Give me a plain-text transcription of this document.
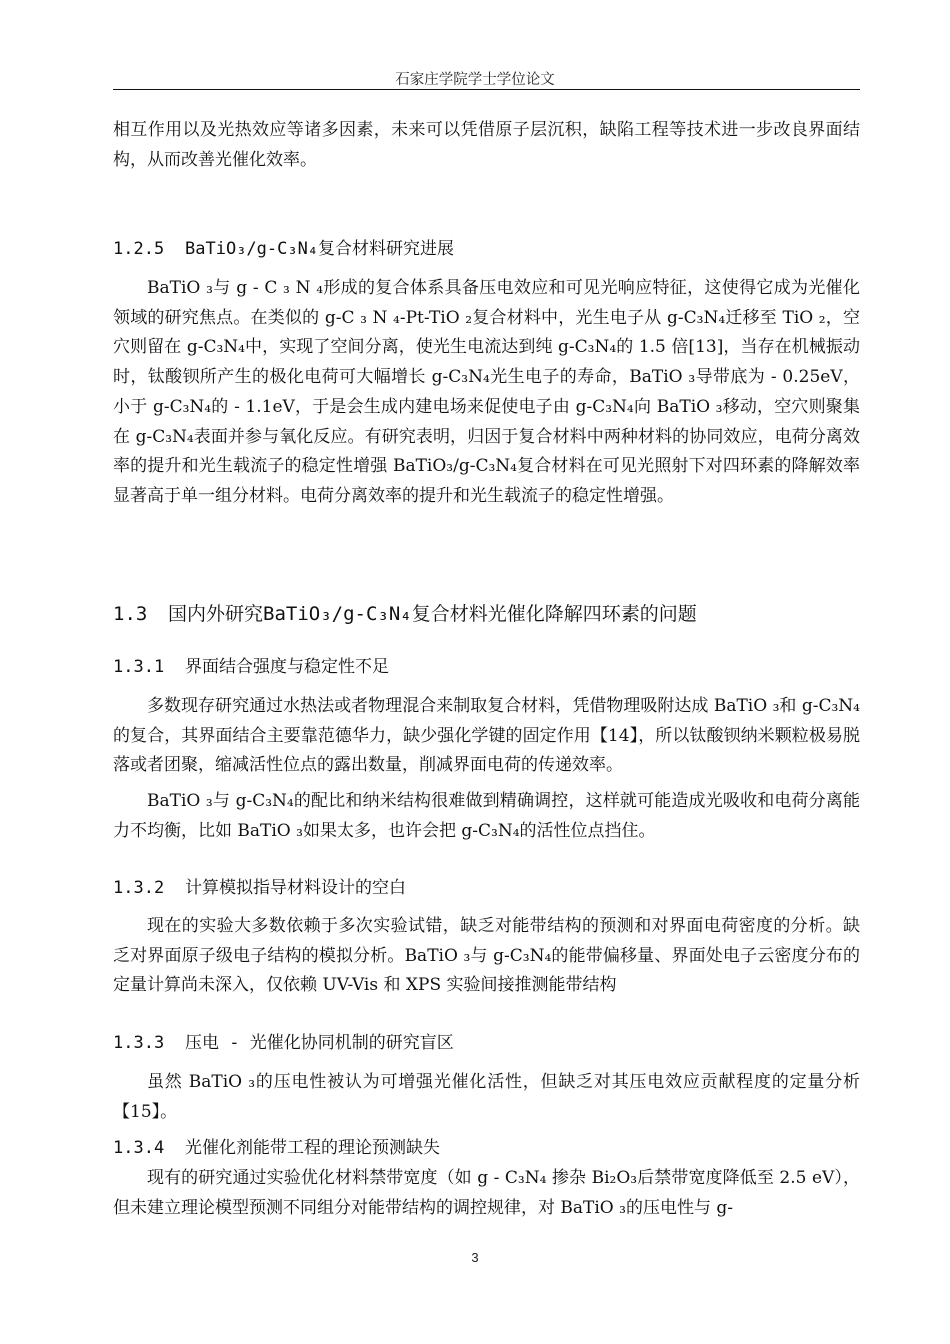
石家庄学院学士学位论文

相互作用以及光热效应等诸多因素，未来可以凭借原子层沉积，缺陷工程等技术进一步改良界面结构，从而改善光催化效率。

1.2.5 BaTiO₃/g-C₃N₄复合材料研究进展

BaTiO ₃与 g - C ₃ N ₄形成的复合体系具备压电效应和可见光响应特征，这使得它成为光催化领域的研究焦点。在类似的 g-C ₃ N ₄-Pt-TiO ₂复合材料中，光生电子从 g-C₃N₄迁移至 TiO ₂，空穴则留在 g-C₃N₄中，实现了空间分离，使光生电流达到纯 g-C₃N₄的 1.5 倍[13]，当存在机械振动时，钛酸钡所产生的极化电荷可大幅增长 g-C₃N₄光生电子的寿命，BaTiO ₃导带底为 - 0.25eV，小于 g-C₃N₄的 - 1.1eV，于是会生成内建电场来促使电子由 g-C₃N₄向 BaTiO ₃移动，空穴则聚集在 g-C₃N₄表面并参与氧化反应。有研究表明，归因于复合材料中两种材料的协同效应，电荷分离效率的提升和光生载流子的稳定性增强 BaTiO₃/g-C₃N₄复合材料在可见光照射下对四环素的降解效率显著高于单一组分材料。电荷分离效率的提升和光生载流子的稳定性增强。

1.3 国内外研究BaTiO₃/g-C₃N₄复合材料光催化降解四环素的问题

1.3.1 界面结合强度与稳定性不足

多数现存研究通过水热法或者物理混合来制取复合材料，凭借物理吸附达成 BaTiO ₃和 g-C₃N₄的复合，其界面结合主要靠范德华力，缺少强化学键的固定作用【14】，所以钛酸钡纳米颗粒极易脱落或者团聚，缩减活性位点的露出数量，削减界面电荷的传递效率。

BaTiO ₃与 g-C₃N₄的配比和纳米结构很难做到精确调控，这样就可能造成光吸收和电荷分离能力不均衡，比如 BaTiO ₃如果太多，也许会把 g-C₃N₄的活性位点挡住。

1.3.2 计算模拟指导材料设计的空白

现在的实验大多数依赖于多次实验试错，缺乏对能带结构的预测和对界面电荷密度的分析。缺乏对界面原子级电子结构的模拟分析。BaTiO ₃与 g-C₃N₄的能带偏移量、界面处电子云密度分布的定量计算尚未深入，仅依赖 UV-Vis 和 XPS 实验间接推测能带结构

1.3.3 压电 - 光催化协同机制的研究盲区

虽然 BaTiO ₃的压电性被认为可增强光催化活性，但缺乏对其压电效应贡献程度的定量分析【15】。

1.3.4 光催化剂能带工程的理论预测缺失

现有的研究通过实验优化材料禁带宽度（如 g - C₃N₄ 掺杂 Bi₂O₃后禁带宽度降低至 2.5 eV），但未建立理论模型预测不同组分对能带结构的调控规律，对 BaTiO ₃的压电性与 g-

3
